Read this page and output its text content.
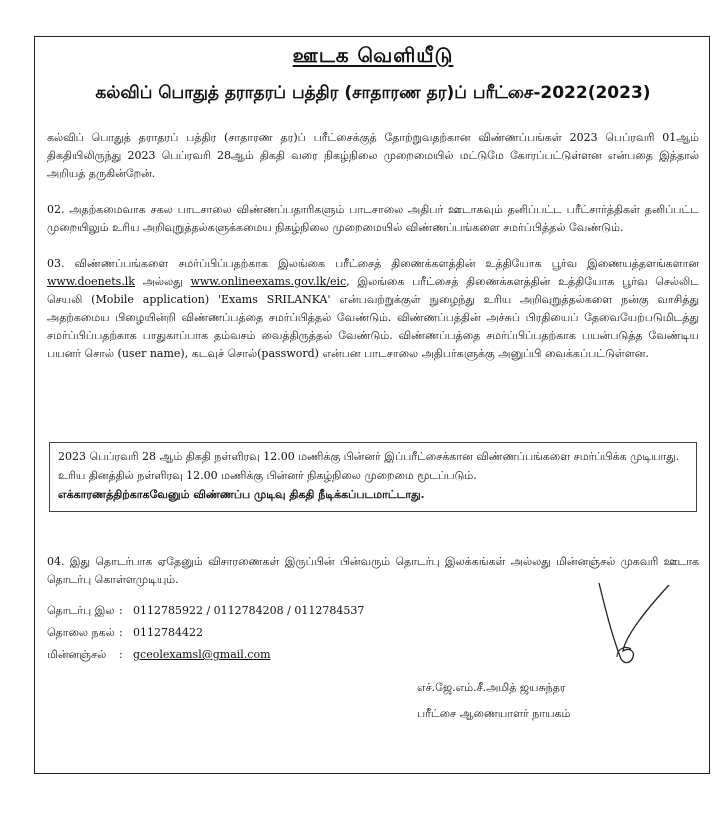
ஊடக வெளியீடு
கல்விப் பொதுத் தராதரப் பத்திர (சாதாரண தர)ப் பரீட்சை-2022(2023)

கல்விப் பொதுத் தராதரப் பத்திர (சாதாரண தர)ப் பரீட்சைக்குத் தோற்றுவதற்கான விண்ணப்பங்கள் 2023 பெப்ரவரி 01ஆம் திகதியிலிருந்து 2023 பெப்ரவரி 28ஆம் திகதி வரை நிகழ்நிலை முறைமையில் மட்டுமே கோரப்பட்டுள்ளன என்பதை இத்தால் அறியத் தருகின்றேன்.

02. அதற்கமைவாக சகல பாடசாலை விண்ணப்பதாரிகளும் பாடசாலை அதிபர் ஊடாகவும் தனிப்பட்ட பரீட்சார்த்திகள் தனிப்பட்ட முறையிலும் உரிய அறிவுறுத்தல்களுக்கமைய நிகழ்நிலை முறைமையில் விண்ணப்பங்களை சமர்ப்பித்தல் வேண்டும்.

03. விண்ணப்பங்களை சமர்ப்பிப்பதற்காக இலங்கை பரீட்சைத் திணைக்களத்தின் உத்தியோக பூர்வ இணையத்தளங்களான www.doenets.lk அல்லது www.onlineexams.gov.lk/eic, இலங்கை பரீட்சைத் திணைக்களத்தின் உத்தியோக பூர்வ செல்லிட செயலி (Mobile application) 'Exams SRILANKA' என்பவற்றுக்குள் நுழைந்து உரிய அறிவுறுத்தல்களை நன்கு வாசித்து அதற்கமைய பிழையின்றி விண்ணப்பத்தை சமர்ப்பித்தல் வேண்டும். விண்ணப்பத்தின் அச்சுப் பிரதியைப் தேவையேற்படுமிடத்து சமர்ப்பிப்பதற்காக பாதுகாப்பாக தம்வசம் வைத்திருத்தல் வேண்டும். விண்ணப்பத்தை சமர்ப்பிப்பதற்காக பயன்படுத்த வேண்டிய பயனர் சொல் (user name), கடவுச் சொல்(password) என்பன பாடசாலை அதிபர்களுக்கு அனுப்பி வைக்கப்பட்டுள்ளன.

2023 பெப்ரவரி 28 ஆம் திகதி நள்ளிரவு 12.00 மணிக்கு பின்னர் இப்பரீட்சைக்கான விண்ணப்பங்களை சமர்ப்பிக்க முடியாது. உரிய தினத்தில் நள்ளிரவு 12.00 மணிக்கு பின்னர் நிகழ்நிலை முறைமை மூடப்படும்.
எக்காரணத்திற்காகவேனும் விண்ணப்ப முடிவு திகதி நீடிக்கப்படமாட்டாது.

04. இது தொடர்பாக ஏதேனும் விசாரணைகள் இருப்பின் பின்வரும் தொடர்பு இலக்கங்கள் அல்லது மின்னஞ்சல் முகவரி ஊடாக தொடர்பு கொள்ளமுடியும்.

தொடர்பு இல : 0112785922 / 0112784208 / 0112784537
தொலை நகல் : 0112784422
மின்னஞ்சல் : gceolexamsl@gmail.com
எச்.ஜே.எம்.சீ.அமித் ஜயசுந்தர
பரீட்சை ஆணையாளர் நாயகம்
